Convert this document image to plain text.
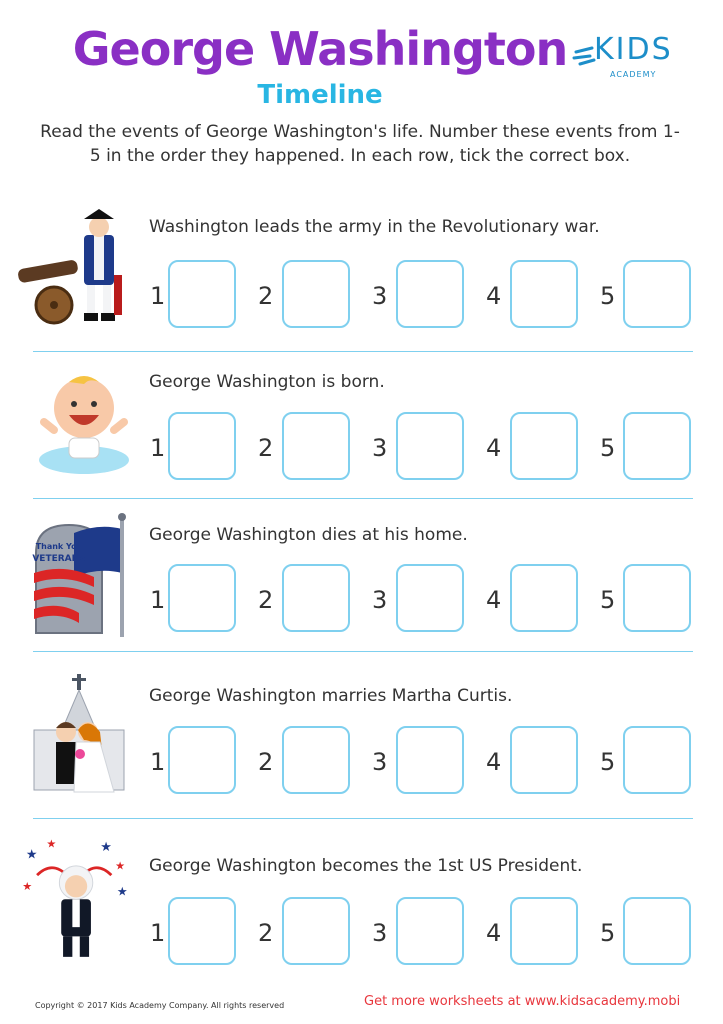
George Washington
Timeline
KIDS
ACADEMY
Read the events of George Washington's life. Number these events from 1-5 in the order they happened. In each row, tick the correct box.
Washington leads the army in the Revolutionary war.
1	2	3	4	5
George Washington is born.
1	2	3	4	5
Thank You
VETERANS
George Washington dies at his home.
1	2	3	4	5
George Washington marries Martha Curtis.
1	2	3	4	5
★
★	★
★
★	★
George Washington becomes the 1st US President.
1	2	3	4	5
Copyright © 2017 Kids Academy Company. All rights reserved	Get more worksheets at www.kidsacademy.mobi
